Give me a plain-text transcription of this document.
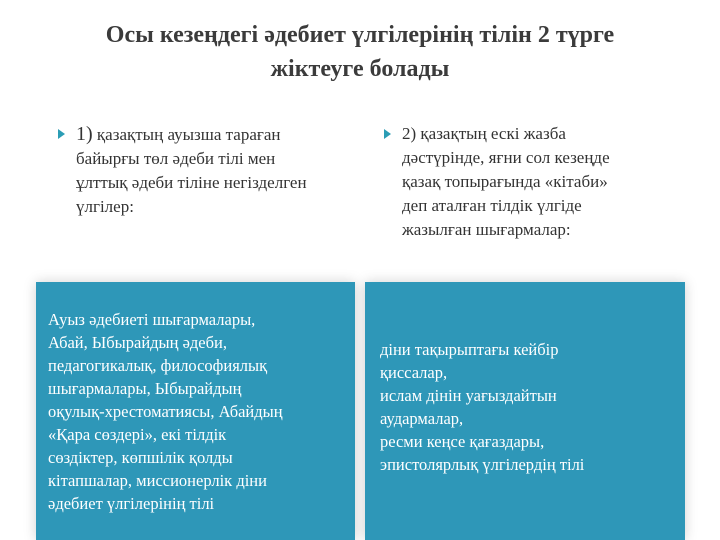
Осы кезеңдегі әдебиет үлгілерінің тілін 2 түрге
жіктеуге болады
1) қазақтың ауызша тараған
байырғы төл әдеби тілі мен
ұлттық әдеби тіліне негізделген
үлгілер:
2) қазақтың ескі жазба
дәстүрінде, яғни сол кезеңде
қазақ топырағында «кітаби»
деп аталған тілдік үлгіде
жазылған шығармалар:
Ауыз әдебиеті шығармалары,
Абай, Ыбырайдың әдеби,
педагогикалық, философиялық
шығармалары, Ыбырайдың
оқулық-хрестоматиясы, Абайдың
«Қара сөздері», екі тілдік
сөздіктер, көпшілік қолды
кітапшалар, миссионерлік діни
әдебиет үлгілерінің тілі
діни тақырыптағы кейбір
қиссалар,
ислам дінін уағыздайтын
аудармалар,
ресми кеңсе қағаздары,
эпистолярлық үлгілердің тілі
